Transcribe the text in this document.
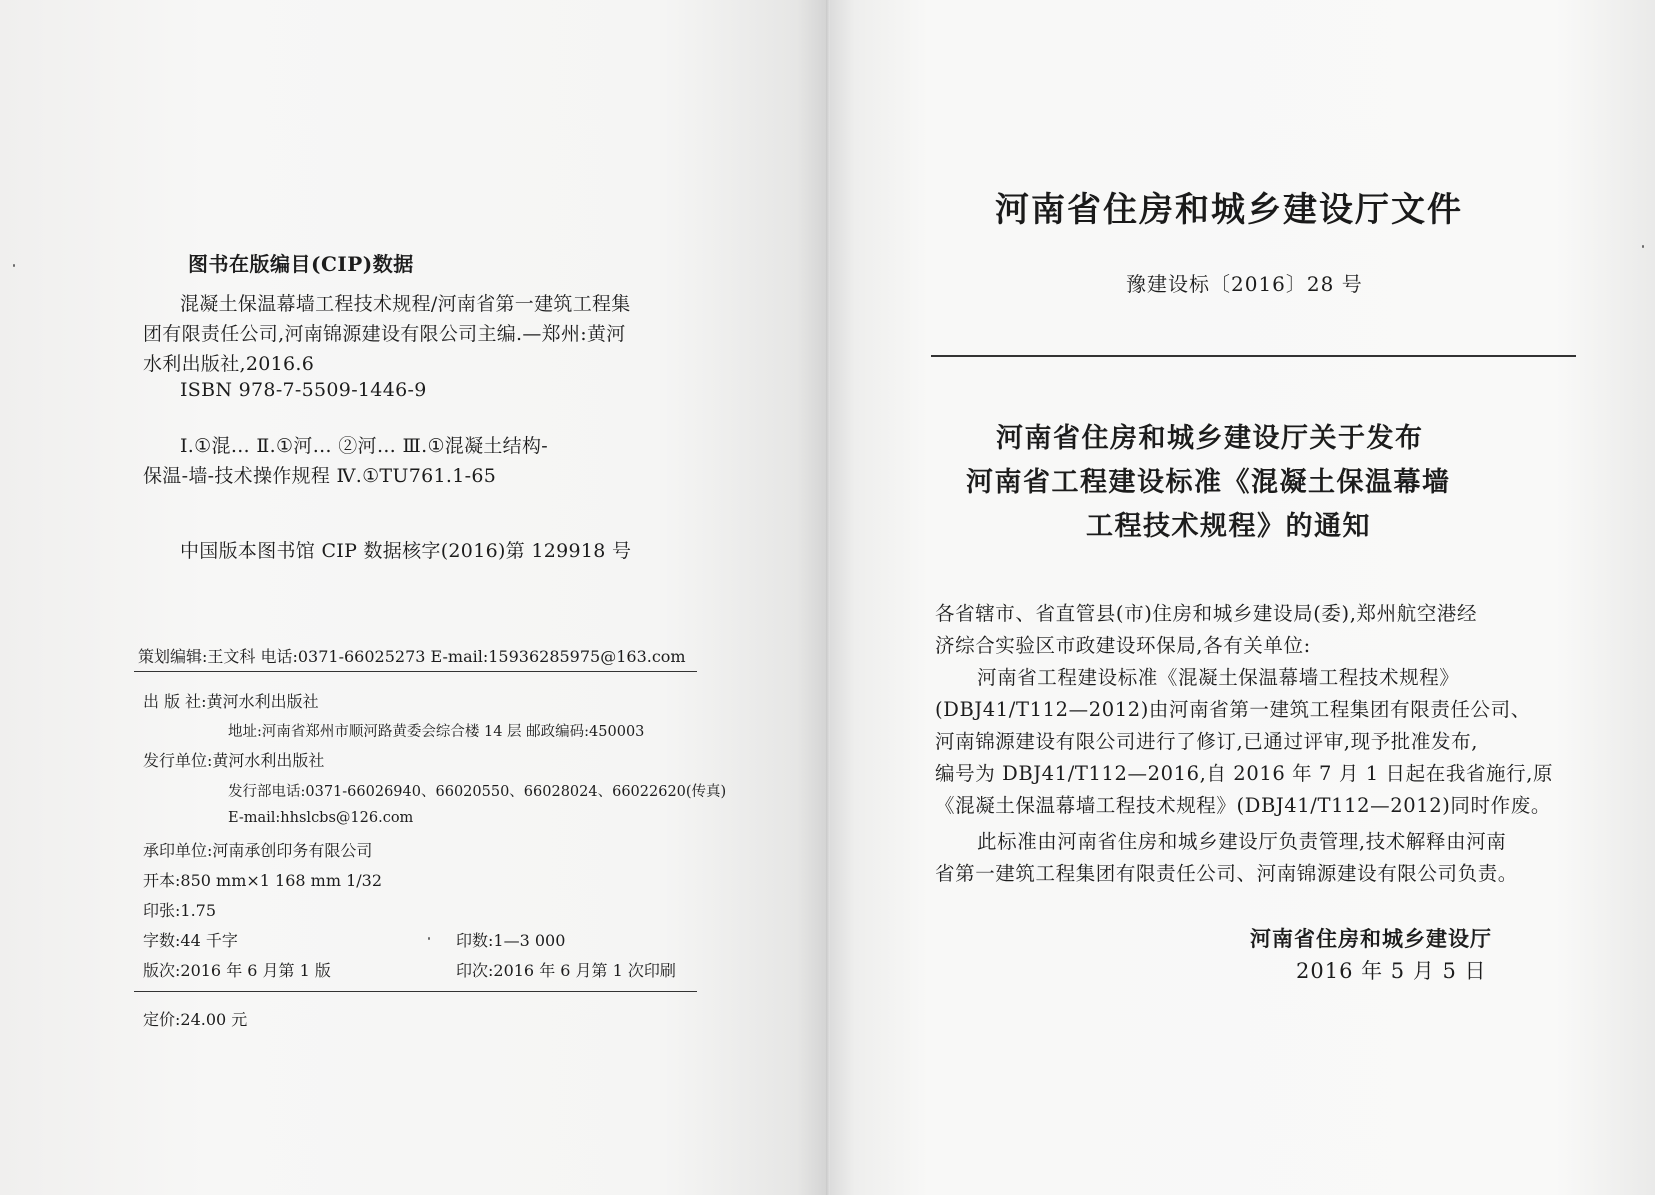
图书在版编目(CIP)数据
混凝土保温幕墙工程技术规程/河南省第一建筑工程集
团有限责任公司,河南锦源建设有限公司主编.—郑州:黄河
水利出版社,2016.6
ISBN 978-7-5509-1446-9
Ⅰ.①混… Ⅱ.①河… ②河… Ⅲ.①混凝土结构-
保温-墙-技术操作规程 Ⅳ.①TU761.1-65
中国版本图书馆 CIP 数据核字(2016)第 129918 号
策划编辑:王文科 电话:0371-66025273 E-mail:15936285975@163.com
出 版 社:黄河水利出版社
地址:河南省郑州市顺河路黄委会综合楼 14 层 邮政编码:450003
发行单位:黄河水利出版社
发行部电话:0371-66026940、66020550、66028024、66022620(传真)
E-mail:hhslcbs@126.com
承印单位:河南承创印务有限公司
开本:850 mm×1 168 mm 1/32
印张:1.75
字数:44 千字	印数:1—3 000
版次:2016 年 6 月第 1 版	印次:2016 年 6 月第 1 次印刷
定价:24.00 元
河南省住房和城乡建设厅文件
豫建设标〔2016〕28 号
河南省住房和城乡建设厅关于发布
河南省工程建设标准《混凝土保温幕墙
工程技术规程》的通知
各省辖市、省直管县(市)住房和城乡建设局(委),郑州航空港经
济综合实验区市政建设环保局,各有关单位:
河南省工程建设标准《混凝土保温幕墙工程技术规程》
(DBJ41/T112—2012)由河南省第一建筑工程集团有限责任公司、
河南锦源建设有限公司进行了修订,已通过评审,现予批准发布,
编号为 DBJ41/T112—2016,自 2016 年 7 月 1 日起在我省施行,原
《混凝土保温幕墙工程技术规程》(DBJ41/T112—2012)同时作废。
此标准由河南省住房和城乡建设厅负责管理,技术解释由河南
省第一建筑工程集团有限责任公司、河南锦源建设有限公司负责。
河南省住房和城乡建设厅
2016 年 5 月 5 日
